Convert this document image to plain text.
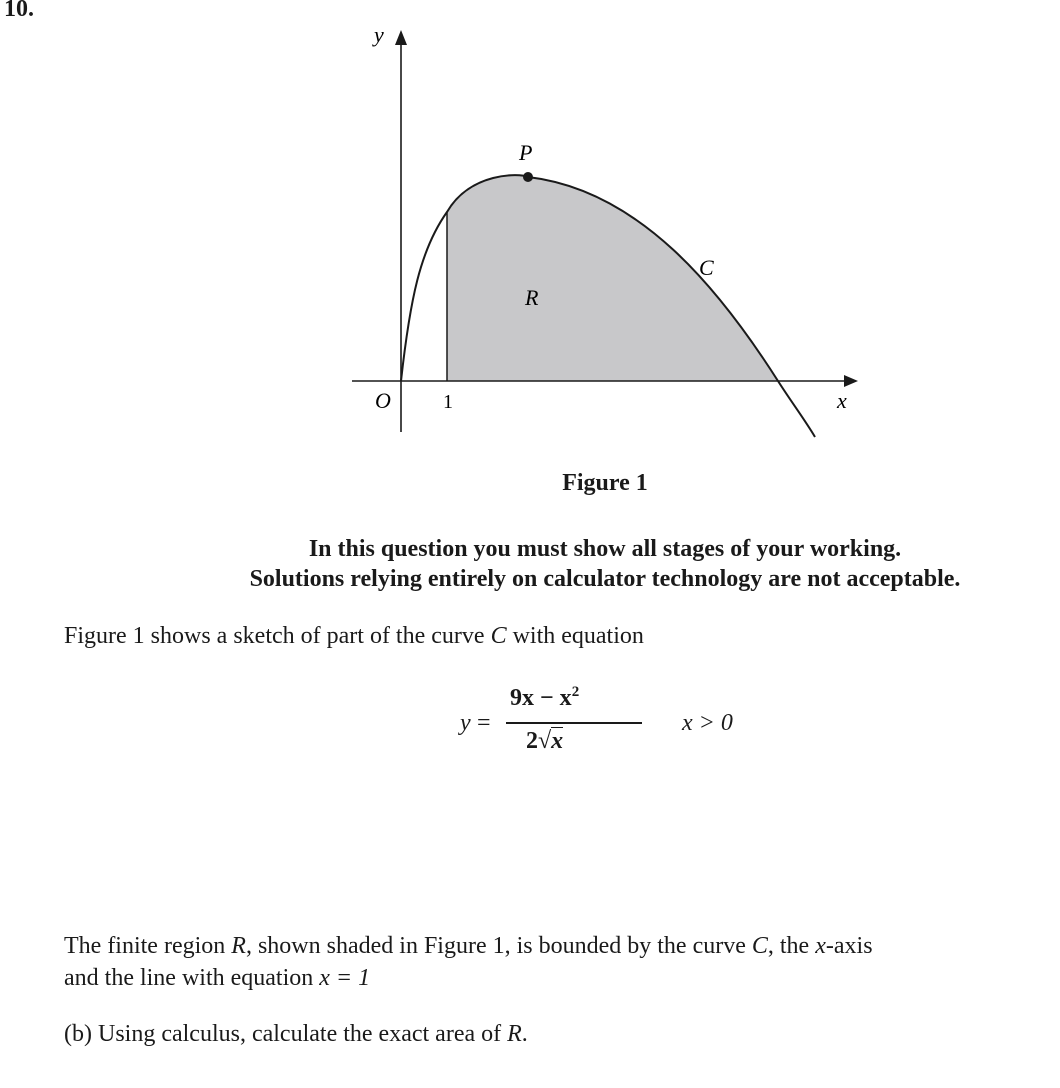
10.
y
x
O	1
P
C
R
Figure 1
In this question you must show all stages of your working.
Solutions relying entirely on calculator technology are not acceptable.
Figure 1 shows a sketch of part of the curve C with equation
y =
$9x - x^2$
2√x
x > 0
The finite region R, shown shaded in Figure 1, is bounded by the curve C, the x-axis
and the line with equation x = 1
(b) Using calculus, calculate the exact area of R.
